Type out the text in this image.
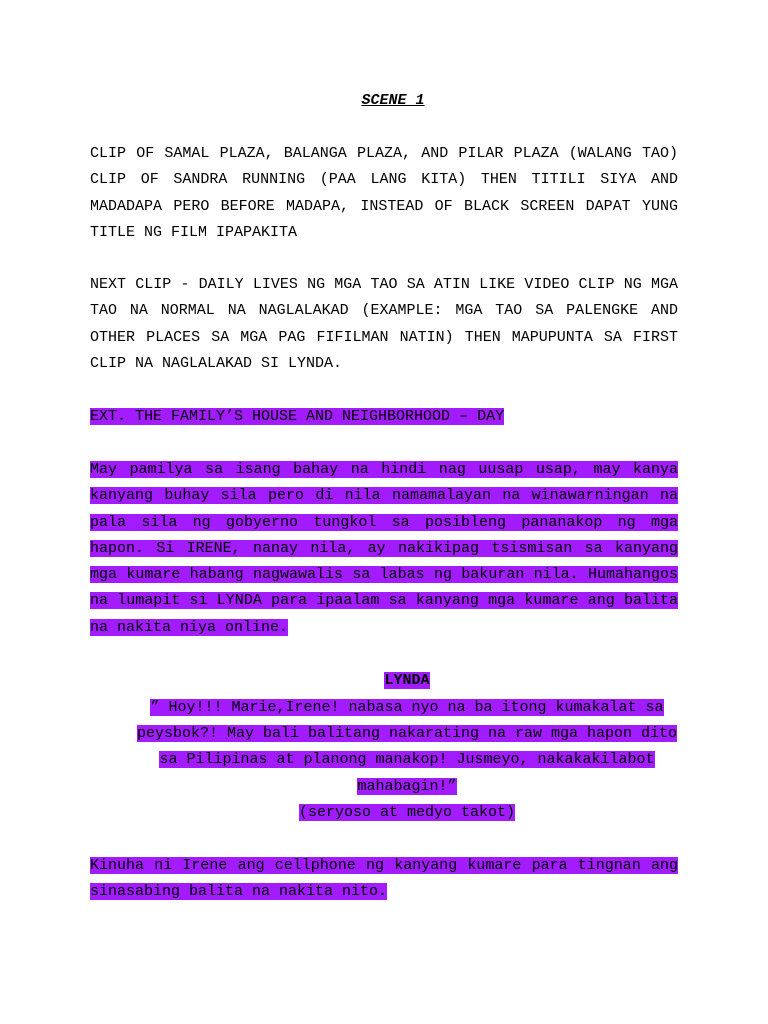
SCENE 1

CLIP OF SAMAL PLAZA, BALANGA PLAZA, AND PILAR PLAZA (WALANG TAO) CLIP OF SANDRA RUNNING (PAA LANG KITA) THEN TITILI SIYA AND MADADAPA PERO BEFORE MADAPA, INSTEAD OF BLACK SCREEN DAPAT YUNG TITLE NG FILM IPAPAKITA

NEXT CLIP - DAILY LIVES NG MGA TAO SA ATIN LIKE VIDEO CLIP NG MGA TAO NA NORMAL NA NAGLALAKAD (EXAMPLE: MGA TAO SA PALENGKE AND OTHER PLACES SA MGA PAG FIFILMAN NATIN) THEN MAPUPUNTA SA FIRST CLIP NA NAGLALAKAD SI LYNDA.

EXT. THE FAMILY’S HOUSE AND NEIGHBORHOOD – DAY

May pamilya sa isang bahay na hindi nag uusap usap, may kanya kanyang buhay sila pero di nila namamalayan na winawarningan na pala sila ng gobyerno tungkol sa posibleng pananakop ng mga hapon. Si IRENE, nanay nila, ay nakikipag tsismisan sa kanyang mga kumare habang nagwawalis sa labas ng bakuran nila. Humahangos na lumapit si LYNDA para ipaalam sa kanyang mga kumare ang balita na nakita niya online.

LYNDA

” Hoy!!! Marie,Irene! nabasa nyo na ba itong kumakalat sa

peysbok?! May bali balitang nakarating na raw mga hapon dito

sa Pilipinas at planong manakop! Jusmeyo, nakakakilabot

mahabagin!”

(seryoso at medyo takot)

Kinuha ni Irene ang cellphone ng kanyang kumare para tingnan ang sinasabing balita na nakita nito.
